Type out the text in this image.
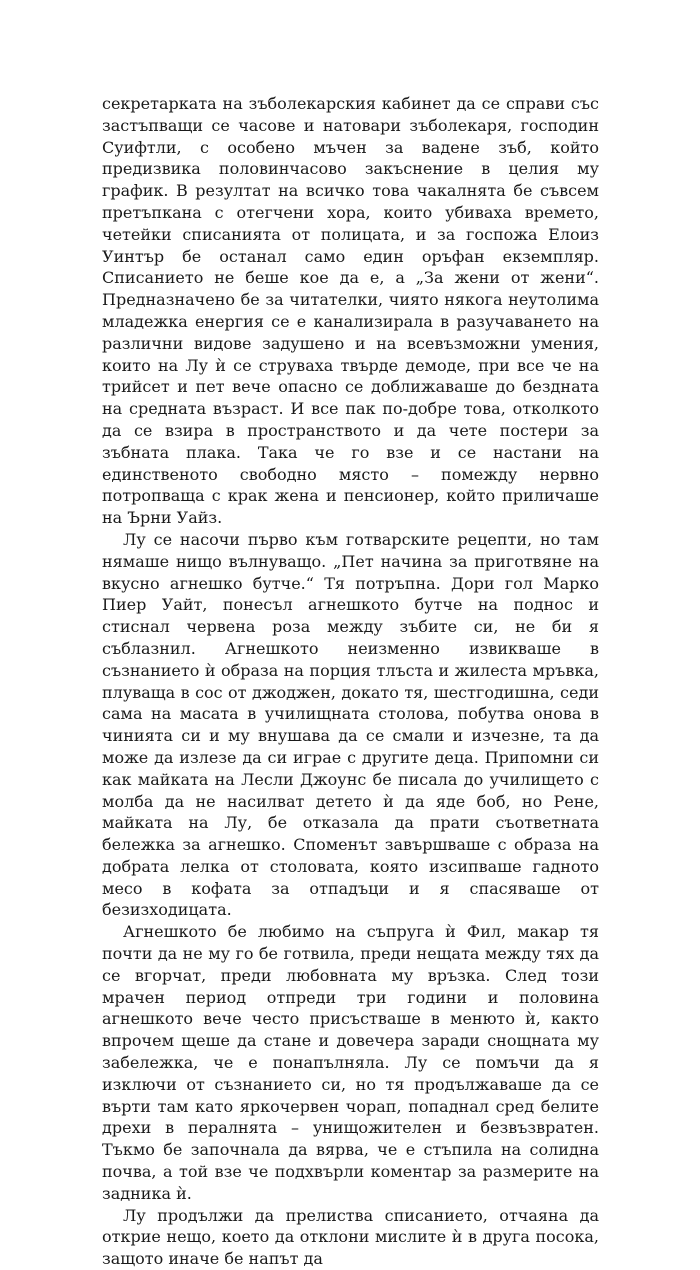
секретарката на зъболекарския кабинет да се справи със застъпващи се часове и натовари зъболекаря, господин Суифтли, с особено мъчен за вадене зъб, който предизвика половинчасово закъснение в целия му график. В резултат на всичко това чакалнята бе съвсем претъпкана с отегчени хора, които убиваха времето, четейки списанията от полицата, и за госпожа Елоиз Уинтър бе останал само един оръфан екземпляр. Списанието не беше кое да е, а „За жени от жени“. Предназначено бе за читателки, чиято някога неутолима младежка енергия се е канализирала в разучаването на различни видове задушено и на всевъзможни умения, които на Лу ѝ се струваха твърде демоде, при все че на трийсет и пет вече опасно се доближаваше до бездната на средната възраст. И все пак по-добре това, отколкото да се взира в пространството и да чете постери за зъбната плака. Така че го взе и се настани на единственото свободно място – помежду нервно потропваща с крак жена и пенсионер, който приличаше на Ърни Уайз.

Лу се насочи първо към готварските рецепти, но там нямаше нищо вълнуващо. „Пет начина за приготвяне на вкусно агнешко бутче.“ Тя потръпна. Дори гол Марко Пиер Уайт, понесъл агнешкото бутче на поднос и стиснал червена роза между зъбите си, не би я съблазнил. Агнешкото неизменно извикваше в съзнанието ѝ образа на порция тлъста и жилеста мръвка, плуваща в сос от джоджен, докато тя, шестгодишна, седи сама на масата в училищната столова, побутва онова в чинията си и му внушава да се смали и изчезне, та да може да излезе да си играе с другите деца. Припомни си как майката на Лесли Джоунс бе писала до училището с молба да не насилват детето ѝ да яде боб, но Рене, майката на Лу, бе отказала да прати съответната бележка за агнешко. Споменът завършваше с образа на добрата лелка от столовата, която изсипваше гадното месо в кофата за отпадъци и я спасяваше от безизходицата.

Агнешкото бе любимо на съпруга ѝ Фил, макар тя почти да не му го бе готвила, преди нещата между тях да се вгорчат, преди любовната му връзка. След този мрачен период отпреди три години и половина агнешкото вече често присъстваше в менюто ѝ, както впрочем щеше да стане и довечера заради снощната му забележка, че е понапълняла. Лу се помъчи да я изключи от съзнанието си, но тя продължаваше да се върти там като яркочервен чорап, попаднал сред белите дрехи в пералнята – унищожителен и безвъзвратен. Тъкмо бе започнала да вярва, че е стъпила на солидна почва, а той взе че подхвърли коментар за размерите на задника ѝ.

Лу продължи да прелиства списанието, отчаяна да открие нещо, което да отклони мислите ѝ в друга посока, защото иначе бе напът да
